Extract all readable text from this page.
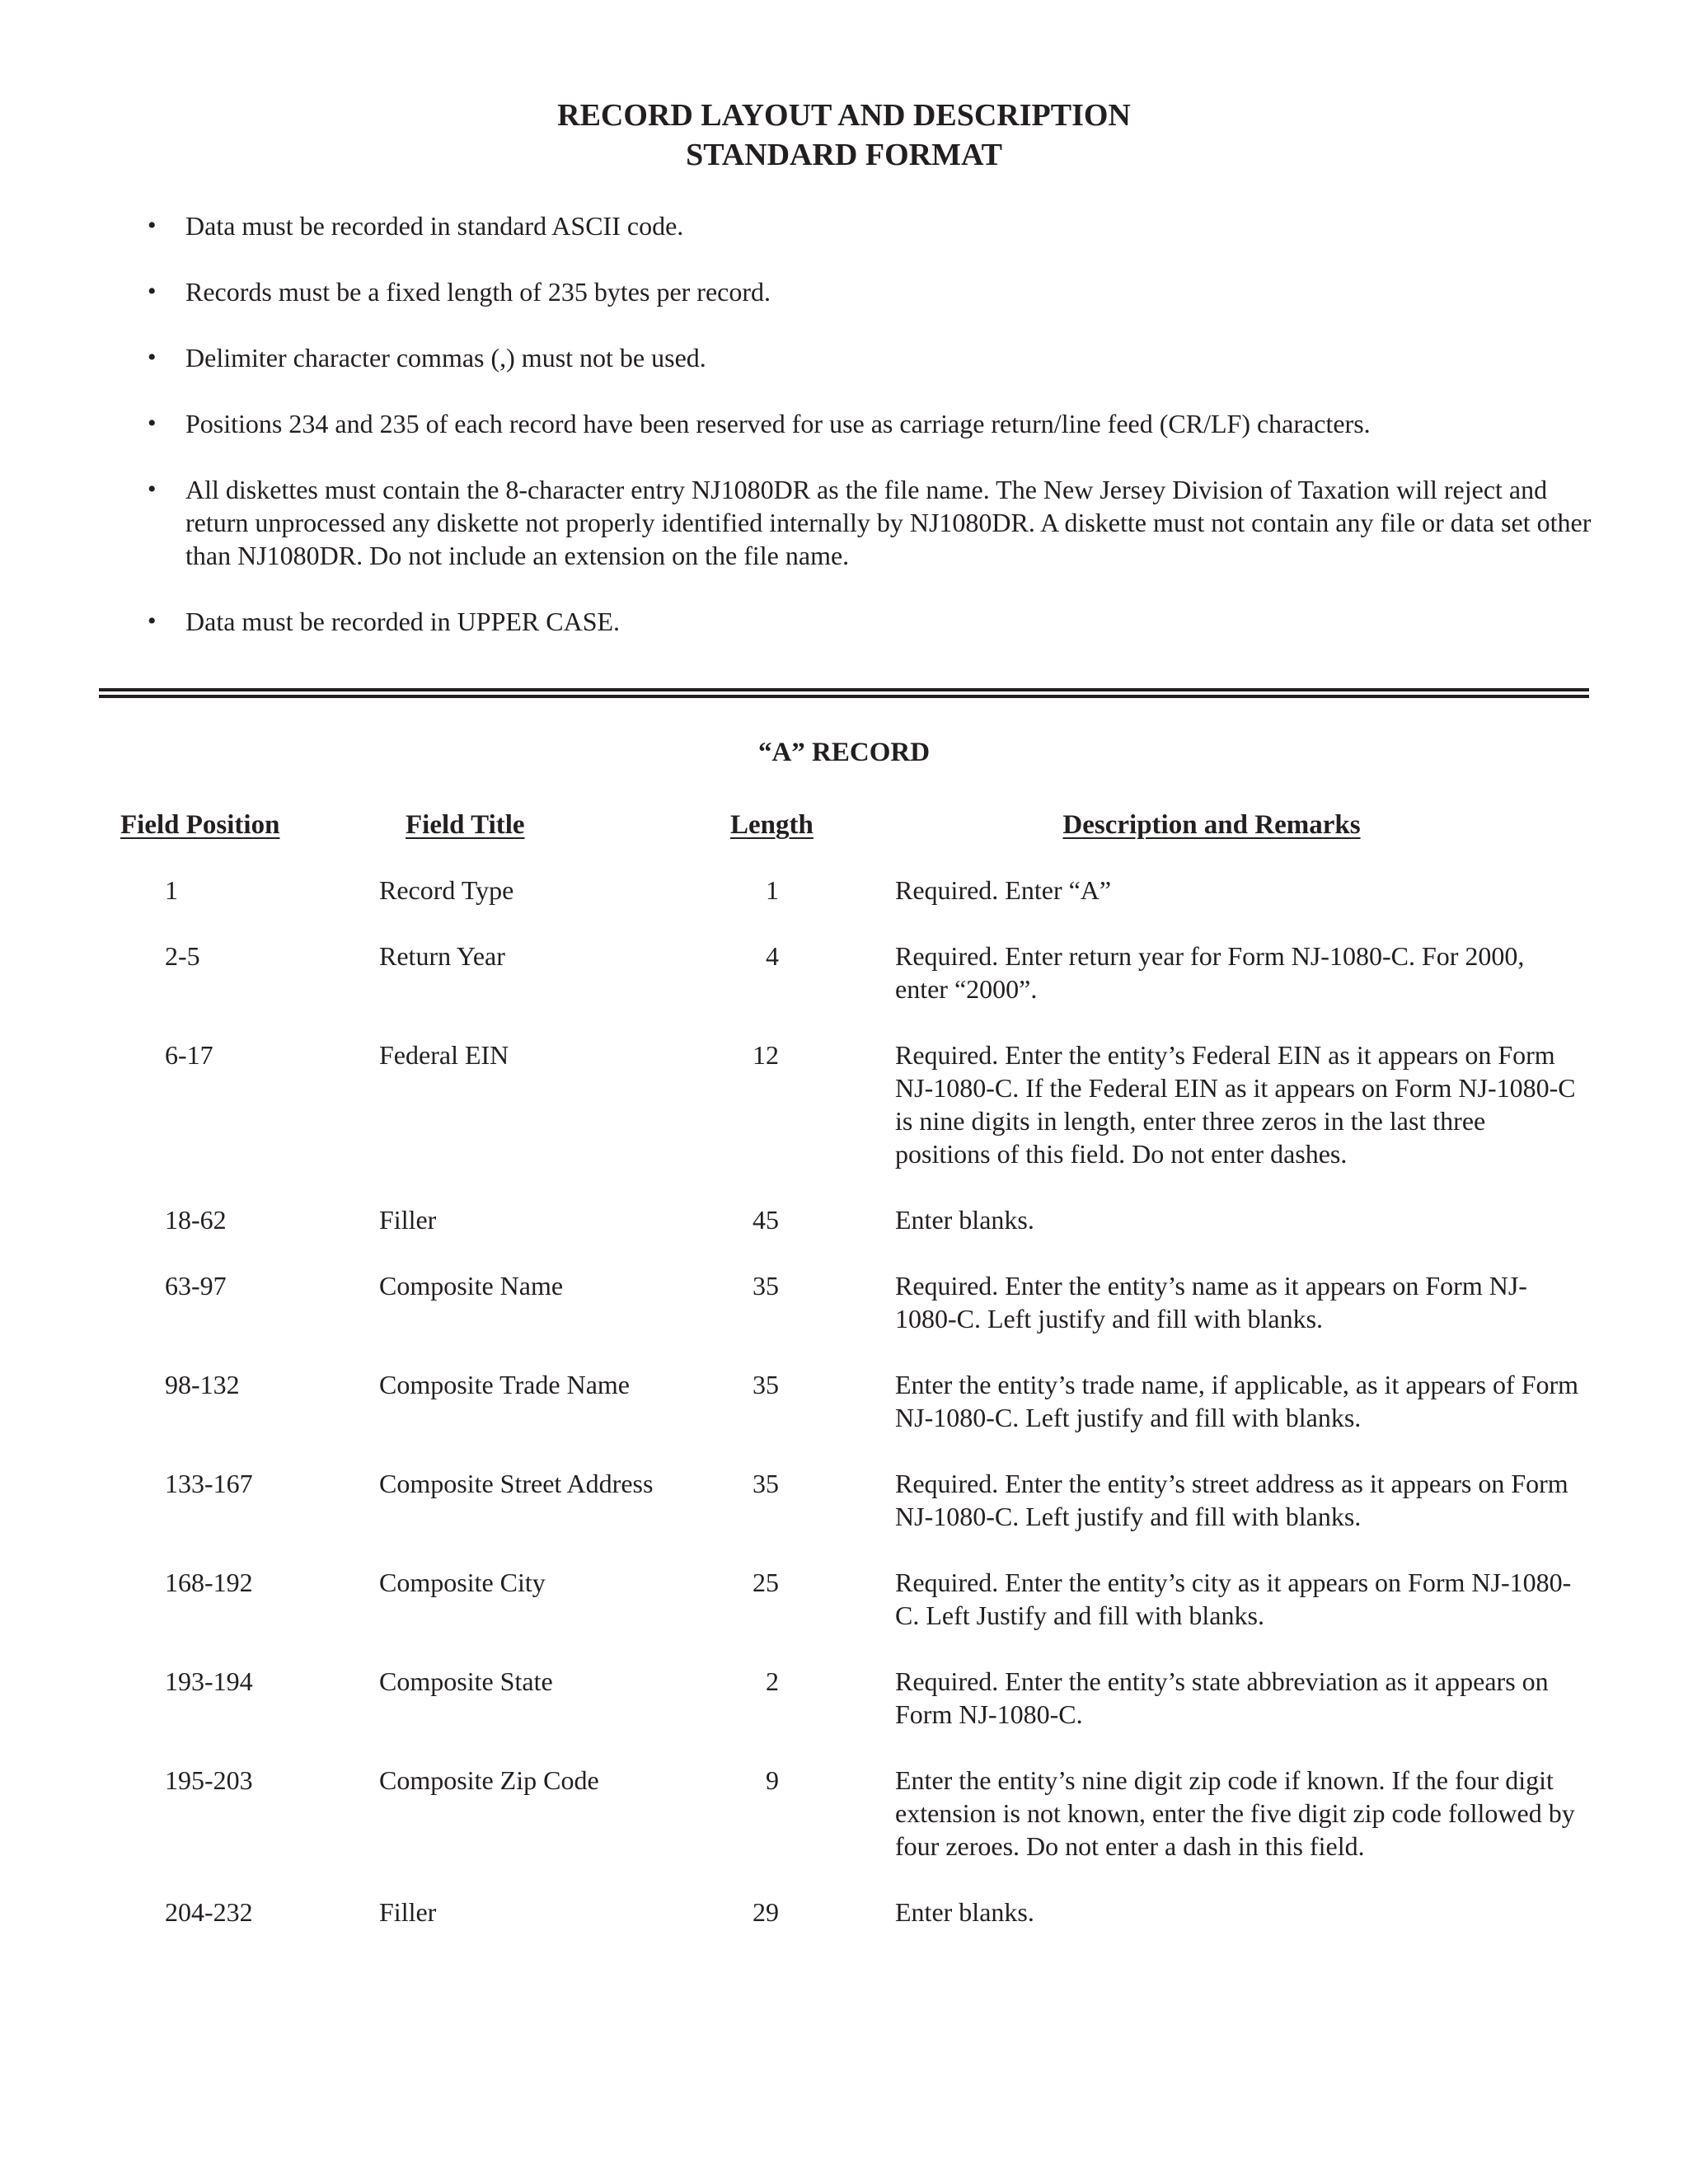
RECORD LAYOUT AND DESCRIPTION
STANDARD FORMAT
• Data must be recorded in standard ASCII code.
• Records must be a fixed length of 235 bytes per record.
• Delimiter character commas (,) must not be used.
• Positions 234 and 235 of each record have been reserved for use as carriage return/line feed (CR/LF) characters.
• All diskettes must contain the 8-character entry NJ1080DR as the file name. The New Jersey Division of Taxation will reject and return unprocessed any diskette not properly identified internally by NJ1080DR. A diskette must not contain any file or data set other than NJ1080DR. Do not include an extension on the file name.
• Data must be recorded in UPPER CASE.
“A” RECORD
Field Position	Field Title	Length	Description and Remarks
1	Record Type	1	Required. Enter “A”
2-5	Return Year	4	Required. Enter return year for Form NJ-1080-C. For 2000, enter “2000”.
6-17	Federal EIN	12	Required. Enter the entity’s Federal EIN as it appears on Form NJ-1080-C. If the Federal EIN as it appears on Form NJ-1080-C is nine digits in length, enter three zeros in the last three positions of this field. Do not enter dashes.
18-62	Filler	45	Enter blanks.
63-97	Composite Name	35	Required. Enter the entity’s name as it appears on Form NJ-1080-C. Left justify and fill with blanks.
98-132	Composite Trade Name	35	Enter the entity’s trade name, if applicable, as it appears of Form NJ-1080-C. Left justify and fill with blanks.
133-167	Composite Street Address	35	Required. Enter the entity’s street address as it appears on Form NJ-1080-C. Left justify and fill with blanks.
168-192	Composite City	25	Required. Enter the entity’s city as it appears on Form NJ-1080-C. Left Justify and fill with blanks.
193-194	Composite State	2	Required. Enter the entity’s state abbreviation as it appears on Form NJ-1080-C.
195-203	Composite Zip Code	9	Enter the entity’s nine digit zip code if known. If the four digit extension is not known, enter the five digit zip code followed by four zeroes. Do not enter a dash in this field.
204-232	Filler	29	Enter blanks.
